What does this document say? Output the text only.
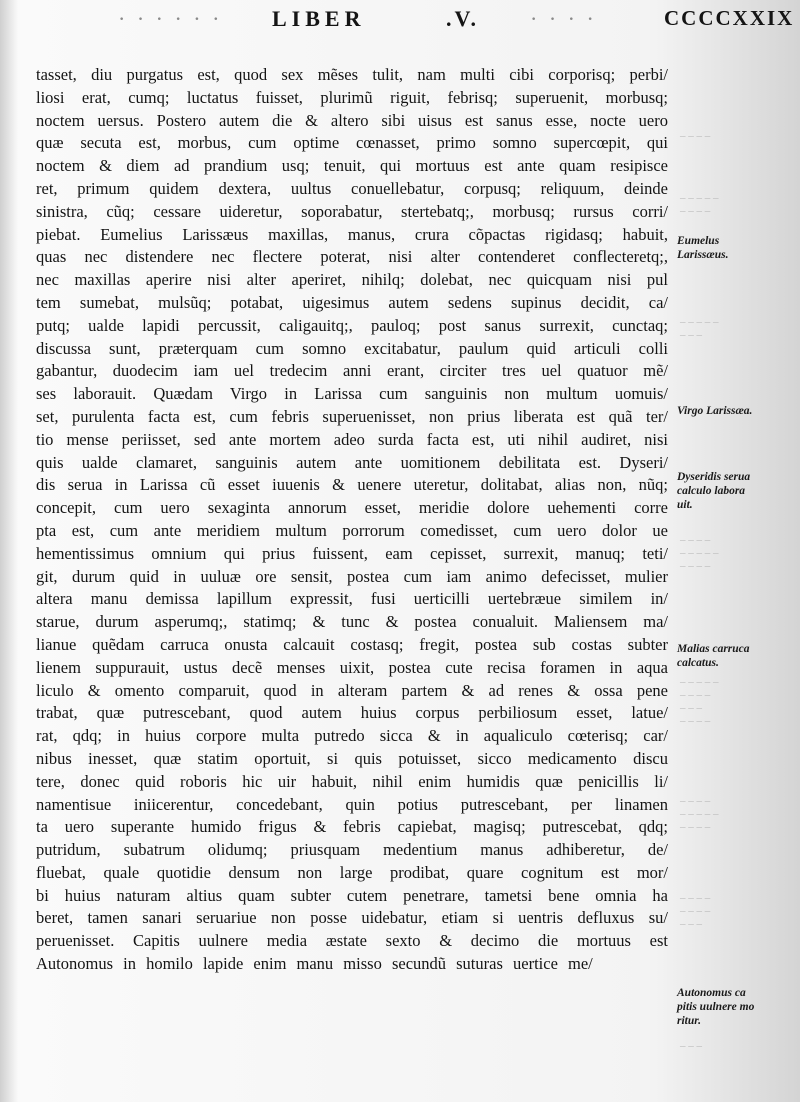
· · · · · · LIBER	· · · ·
.V.	CCCCXXIX
tasset, diu purgatus est, quod sex mẽses tulit, nam multi cibi corporisq; perbi/
liosi erat, cumq; luctatus fuisset, plurimũ riguit, febrisq; superuenit, morbusq;
noctem uersus. Postero autem die & altero sibi uisus est sanus esse, nocte uero
quæ secuta est, morbus, cum optime cœnasset, primo somno supercœpit, qui
noctem & diem ad prandium usq; tenuit, qui mortuus est ante quam resipisce
ret, primum quidem dextera, uultus conuellebatur, corpusq; reliquum, deinde
sinistra, cũq; cessare uideretur, soporabatur, stertebatq;, morbusq; rursus corri/
piebat. Eumelius Larissæus maxillas, manus, crura cõpactas rigidasq; habuit,
quas nec distendere nec flectere poterat, nisi alter contenderet conflecteretq;,
nec maxillas aperire nisi alter aperiret, nihilq; dolebat, nec quicquam nisi pul
tem sumebat, mulsũq; potabat, uigesimus autem sedens supinus decidit, ca/
putq; ualde lapidi percussit, caligauitq;, pauloq; post sanus surrexit, cunctaq;
discussa sunt, præterquam cum somno excitabatur, paulum quid articuli colli
gabantur, duodecim iam uel tredecim anni erant, circiter tres uel quatuor mẽ/
ses laborauit. Quædam Virgo in Larissa cum sanguinis non multum uomuis/
set, purulenta facta est, cum febris superuenisset, non prius liberata est quã ter/
tio mense periisset, sed ante mortem adeo surda facta est, uti nihil audiret, nisi
quis ualde clamaret, sanguinis autem ante uomitionem debilitata est. Dyseri/
dis serua in Larissa cũ esset iuuenis & uenere uteretur, dolitabat, alias non, nũq;
concepit, cum uero sexaginta annorum esset, meridie dolore uehementi corre
pta est, cum ante meridiem multum porrorum comedisset, cum uero dolor ue
hementissimus omnium qui prius fuissent, eam cepisset, surrexit, manuq; teti/
git, durum quid in uuluæ ore sensit, postea cum iam animo defecisset, mulier
altera manu demissa lapillum expressit, fusi uerticilli uertebræue similem in/
starue, durum asperumq;, statimq; & tunc & postea conualuit. Maliensem ma/
lianue quẽdam carruca onusta calcauit costasq; fregit, postea sub costas subter
lienem suppurauit, ustus decẽ menses uixit, postea cute recisa foramen in aqua
liculo & omento comparuit, quod in alteram partem & ad renes & ossa pene
trabat, quæ putrescebant, quod autem huius corpus perbiliosum esset, latue/
rat, qdq; in huius corpore multa putredo sicca & in aqualiculo cœterisq; car/
nibus inesset, quæ statim oportuit, si quis potuisset, sicco medicamento discu
tere, donec quid roboris hic uir habuit, nihil enim humidis quæ penicillis li/
namentisue iniicerentur, concedebant, quin potius putrescebant, per linamen
ta uero superante humido frigus & febris capiebat, magisq; putrescebat, qdq;
putridum, subatrum olidumq; priusquam medentium manus adhiberetur, de/
fluebat, quale quotidie densum non large prodibat, quare cognitum est mor/
bi huius naturam altius quam subter cutem penetrare, tametsi bene omnia ha
beret, tamen sanari seruariue non posse uidebatur, etiam si uentris defluxus su/
peruenisset. Capitis uulnere media æstate sexto & decimo die mortuus est
Autonomus in homilo lapide enim manu misso secundũ suturas uertice me/
– – – –
– – – – –
– – – –
– – – – –
– – –
– – – –
– – – – –
– – – –
– – – – –
– – – –
– – –
– – – –
– – – –
– – – – –
– – – –
– – – –
– – – –
– – –
– – –
Eumelus
Larissæus.
Virgo Larissæa.
Dyseridis serua
calculo labora
uit.
Malias carruca
calcatus.
Autonomus ca
pitis uulnere mo
ritur.
